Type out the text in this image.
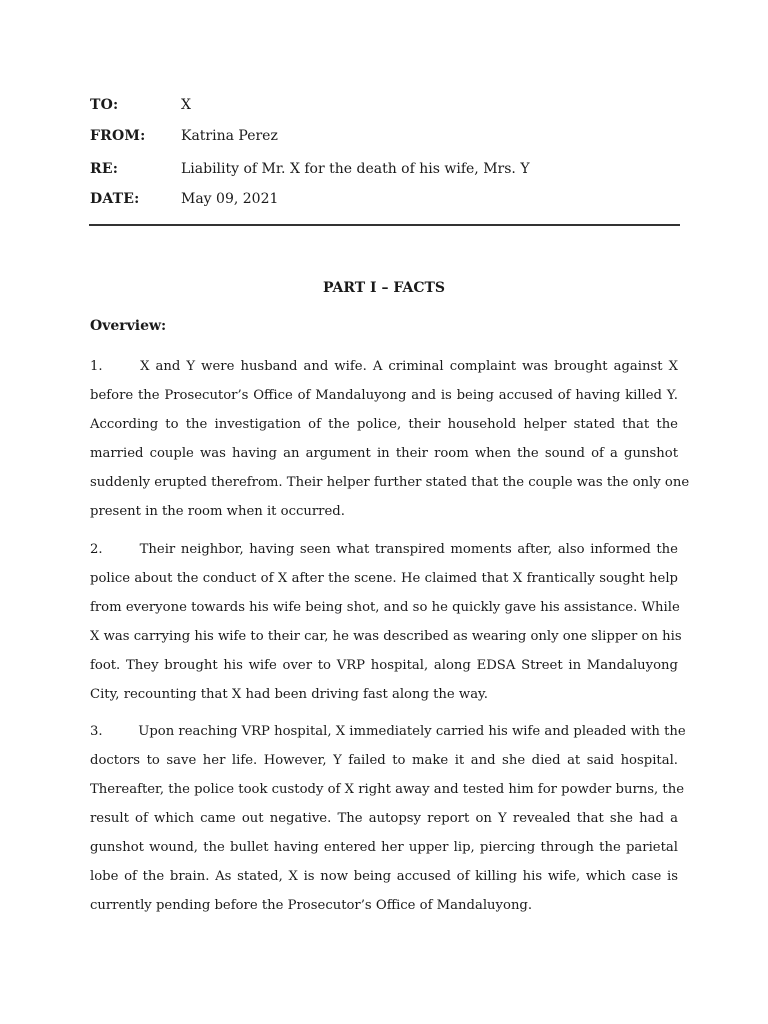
TO:	X
FROM:	Katrina Perez
RE:	Liability of Mr. X for the death of his wife, Mrs. Y
DATE:	May 09, 2021
PART I – FACTS
Overview:
1.	X and Y were husband and wife. A criminal complaint was brought against X
before the Prosecutor’s Office of Mandaluyong and is being accused of having killed Y.
According to the investigation of the police, their household helper stated that the
married couple was having an argument in their room when the sound of a gunshot
suddenly erupted therefrom. Their helper further stated that the couple was the only one
present in the room when it occurred.
2.	Their neighbor, having seen what transpired moments after, also informed the
police about the conduct of X after the scene. He claimed that X frantically sought help
from everyone towards his wife being shot, and so he quickly gave his assistance. While
X was carrying his wife to their car, he was described as wearing only one slipper on his
foot. They brought his wife over to VRP hospital, along EDSA Street in Mandaluyong
City, recounting that X had been driving fast along the way.
3.	Upon reaching VRP hospital, X immediately carried his wife and pleaded with the
doctors to save her life. However, Y failed to make it and she died at said hospital.
Thereafter, the police took custody of X right away and tested him for powder burns, the
result of which came out negative. The autopsy report on Y revealed that she had a
gunshot wound, the bullet having entered her upper lip, piercing through the parietal
lobe of the brain. As stated, X is now being accused of killing his wife, which case is
currently pending before the Prosecutor’s Office of Mandaluyong.
